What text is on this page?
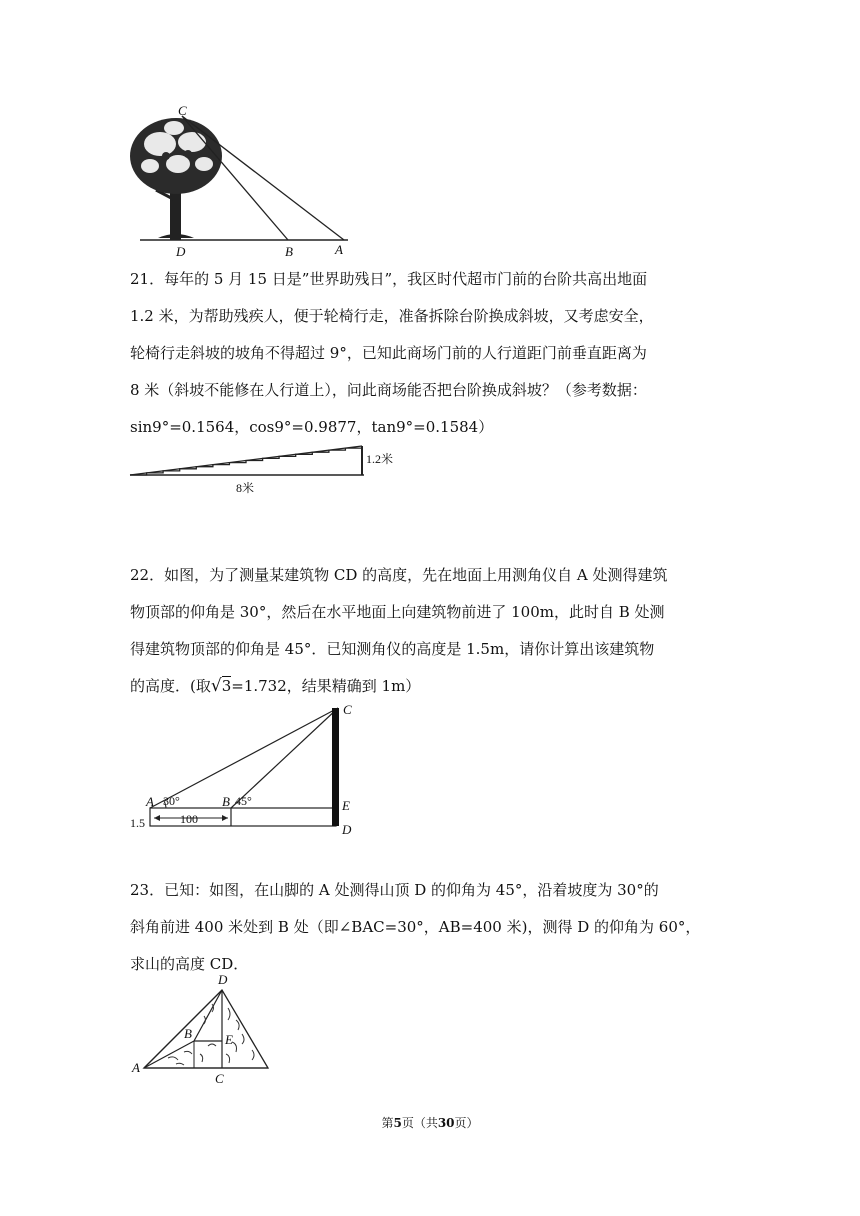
C
D	B	A

21．每年的 5 月 15 日是”世界助残日”，我区时代超市门前的台阶共高出地面

1.2 米，为帮助残疾人，便于轮椅行走，准备拆除台阶换成斜坡，又考虑安全，

轮椅行走斜坡的坡角不得超过 9°，已知此商场门前的人行道距门前垂直距离为

8 米（斜坡不能修在人行道上），问此商场能否把台阶换成斜坡？（参考数据：

sin9°=0.1564，cos9°=0.9877，tan9°=0.1584）

1.2米
8米

22．如图，为了测量某建筑物 CD 的高度，先在地面上用测角仪自 A 处测得建筑

物顶部的仰角是 30°，然后在水平地面上向建筑物前进了 100m，此时自 B 处测

得建筑物顶部的仰角是 45°．已知测角仪的高度是 1.5m，请你计算出该建筑物

的高度．(取√3=1.732，结果精确到 1m）

C
A 30°	B 45°	E
D
100
1.5

23．已知：如图，在山脚的 A 处测得山顶 D 的仰角为 45°，沿着坡度为 30°的

斜角前进 400 米处到 B 处（即∠BAC=30°，AB=400 米)，测得 D 的仰角为 60°，

求山的高度 CD．

D
B	E
A
C
第5页（共30页）
